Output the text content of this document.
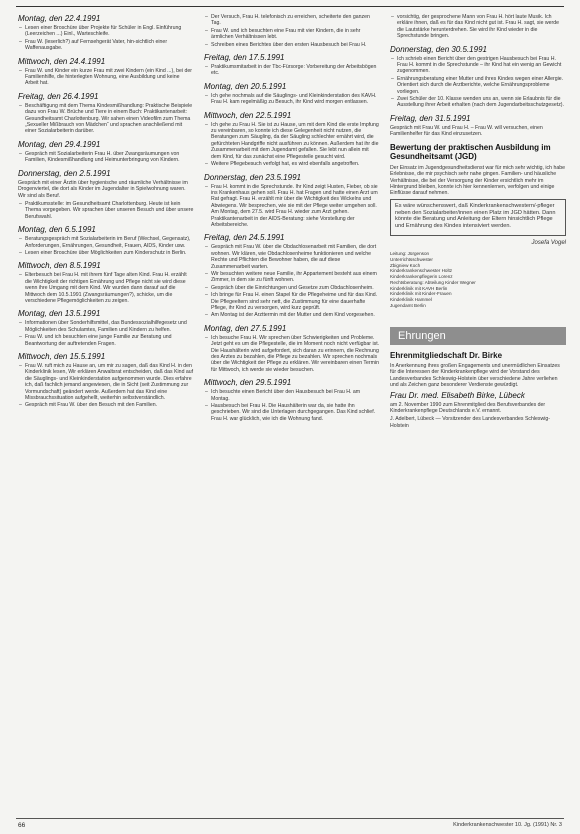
Montag, den 22.4.1991
– Lesen einer Broschüre über Projekte für Schüler in Engl. Einführung (Leerzeichen ...) Einl., Warteschleife.
– Frau W. (leserlich?) auf Fernsehgerät Vater, hin-sichtlich einer Waffenausgabe.
Mittwoch, den 24.4.1991
– Frau W. und Kinder ein kurze Frau mit zwei Kindern (ein Kind ...), bei der Familienhilfe, die hinterlegten Wohnung, eine Ausbildung und keine Arbeit hat.
Freitag, den 26.4.1991
– Beschäftigung mit dem Thema Kindesmißhandlung: Praktische Beispiele dazu von Frau W. Brüche und Tiere in einem Buch: Praktikantenarbeit: Gesundheitsamt Charlottenburg. Wir sahen einen Videofilm zum Thema „Sexueller Mißbrauch von Mädchen“ und sprachen anschließend mit einer Sozialarbeiterin darüber.
Montag, den 29.4.1991
– Gespräch mit Sozialarbeiterin Frau H. über Zwangsräumungen von Familien, Kindesmißhandlung und Heimunterbringung von Kindern.
Donnerstag, den 2.5.1991
Gespräch mit einer Ärztin über hygienische und räumliche Verhältnisse im Drogenviertel, die dort als Kinder im Jugendalter in Spielwohnung waren. Wir sind als Beruf.
– Praktikumsstelle: im Gesundheitsamt Charlottenburg. Heute ist kein Thema vorgegeben. Wir sprachen über unseren Besuch und über unsere Berufswahl.
Montag, den 6.5.1991
– Beratungsgespräch mit Sozialarbeiterin im Beruf (Wechsel, Gegensatz), Anforderungen, Ernährungen, Gesundheit, Frauen, AIDS, Kinder usw.
– Lesen einer Broschüre über Möglichkeiten zum Kinderschutz in Berlin.
Mittwoch, den 8.5.1991
– Elterbesuch bei Frau H. mit ihrem fünf Tage alten Kind. Frau H. erzählt die Wichtigkeit der richtigen Ernährung und Pflege nicht sie wird diese wenn ihre Umgang mit dem Kind. Wir wurden dann darauf auf die Mittwoch dem 10.5.1991 (Zwangsräumungen?), schicke, um die verschiedene Pflegemöglichkeiten zu zeigen.
Montag, den 13.5.1991
– Informationen über Sonderhilfsmittel, das Bundessozialhilfegesetz und Möglichkeiten des Schulamtes, Familien und Kindern zu helfen.
– Frau W. und ich besuchten eine junge Familie zur Beratung und Beantwortung der auftretenden Fragen.
Mittwoch, den 15.5.1991
– Frau W. ruft mich zu Hause an, um mir zu sagen, daß das Kind H. in den Kinderklinik lesen, Wir erklären Anwaltsrat entscheiden, daß das Kind auf die Säuglings- und Kleinkinderstation aufgenommen wurde. Dies erfahre ich, daß fachlich jemand angewiesen, die in Sicht (seit Zustimmung zur Vormundschaft) geändert werde. Außerdem hat das Kind eine Missbrauchssituation aufgehellt, weiterhin selbstverständlich.
– Gespräch mit Frau W. über den Besuch mit den Familien.
– Der Versuch, Frau H. telefonisch zu erreichen, scheiterte den ganzen Tag.
– Frau W. und ich besuchten eine Frau mit vier Kindern, die in sehr ärmlichen Verhältnissen lebt.
– Schreiben eines Berichtes über den ersten Hausbesuch bei Frau H.
Freitag, den 17.5.1991
– Praktikumsmitarbeit in der Tbc-Fürsorge: Vorbereitung der Arbeitsbögen etc.
Montag, den 20.5.1991
– Ich gehe nochmals auf die Säuglings- und Kleinkinderstation des KAVH. Frau H. kam regelmäßig zu Besuch, ihr Kind wird morgen entlassen.
Mittwoch, den 22.5.1991
– Ich gehe zu Frau H. Sie ist zu Hause, um mit dem Kind die erste Impfung zu vereinbaren, so konnte ich diese Gelegenheit nicht nutzen, die Beratungen zum Säugling, da der Säugling schlechter ernährt wird, die gefürchteten Handgriffe nicht ausführen zu können. Außerdem hat ihr die Zusammenarbeit mit dem Jugendamt gefallen. Sie lebt nun allein mit dem Kind, für das zunächst eine Pflegestelle gesucht wird.
– Weitere Pflegebesuch verfolgt hat, es wird ebenfalls angetroffen.
Donnerstag, den 23.5.1991
– Frau H. kommt in die Sprechstunde. Ihr Kind zeigt Husten, Fieber, ob sie ins Krankenhaus gehen soll. Frau H. hat Fragen und hatte einen Arzt um Rat gefragt. Frau H. erzählt mir über die Wichtigkeit des Wickelns und Abwiegens. Wir besprechen, wie sie mit der Pflege weiter umgehen soll. Am Montag, dem 27.5. wird Frau H. wieder zum Arzt gehen. Praktikantenarbeit in der AIDS-Beratung: siehe Vorstellung der Arbeitsbereiche.
Freitag, den 24.5.1991
– Gespräch mit Frau W. über die Obdachlosenarbeit mit Familien, die dort wohnen. Wir klären, wie Obdachlosenheime funktionieren und welche Rechte und Pflichten die Bewohner haben, die auf diese Zusammenarbeit warten.
– Wir besuchten weitere neue Familie, ihr Appartement besteht aus einem Zimmer, in dem sie zu fünft wohnen.
– Gespräch über die Einrichtungen und Gesetze zum Obdachlosenheim.
– Ich bringe für Frau H. einen Stapel für die Pflegeheime und für das Kind. Die Pflegeeltern sind sehr nett, die Zustimmung für eine dauerhafte Pflege, ihr Kind zu versorgen, wird kurz geprüft.
– Am Montag ist der Arzttermin mit der Mutter und dem Kind vorgesehen.
Montag, den 27.5.1991
– Ich besuche Frau H. Wir sprechen über Schwierigkeiten und Probleme. Jetzt geht es um die Pflegestelle, die im Moment noch nicht verfügbar ist. Die Haushälterin wird aufgefordert, sich daran zu erinnern, die Rechnung des Arztes zu bezahlen, die Pflege zu bezahlen. Wir sprechen nochmals über die Wichtigkeit der Pflege zu erklären. Wir vereinbaren einen Termin für Mittwoch, ich werde sie wieder besuchen.
Mittwoch, den 29.5.1991
– Ich besuchte einen Bericht über den Hausbesuch bei Frau H. am Montag.
– Hausbesuch bei Frau H. Die Haushälterin war da, sie hatte ihn geschrieben. Wir sind die Unterlagen durchgegangen. Das Kind schlief. Frau H. war glücklich, wie ich die Wohnung fand.
– vorsichtig, der gesprochene Mann von Frau H. hört laute Musik. Ich erkläre ihnen, daß es für das Kind nicht gut ist. Frau H. sagt, sie werde die Lautstärke herunterdrehen. Sie wird ihr Kind wieder in die Sprechstunde bringen.
Donnerstag, den 30.5.1991
– Ich schrieb einen Bericht über den gestrigen Hausbesuch bei Frau H. Frau H. kommt in die Sprechstunde – ihr Kind hat ein wenig an Gewicht zugenommen.
– Ernährungsberatung einer Mutter und ihres Kindes wegen einer Allergie. Orientiert sich durch die Arztberichte, welche Ernährungsprobleme vorliegen.
– Zwei Schüler der 10. Klasse wenden uns an, wenn sie Erlaubnis für die Ausstellung ihrer Arbeit erhalten (nach dem Jugendarbeitsschutzgesetz).
Freitag, den 31.5.1991
Gespräch mit Frau W. und Frau H. – Frau W. will versuchen, einen Familienhelfer für das Kind einzusetzen.
Bewertung der praktischen Ausbildung im Gesundheitsamt (JGD)
Der Einsatz im Jugendgesundheitsdienst war für mich sehr wichtig, ich habe Erlebnisse, die mir psychisch sehr nahe gingen. Familien- und häusliche Verhältnisse, die bei der Versorgung der Kinder ersichtlich mehr im Hintergrund bleiben, konnte ich hier kennenlernen, verfolgen und einige Einflüsse darauf nehmen.
Es wäre wünschenswert, daß Kinderkrankenschwestern/-pfleger neben den Sozialarbeiter/innen einen Platz im JGD hätten. Dann könnte die Beratung und Anleitung der Eltern hinsichtlich Pflege und Ernährung des Kindes intensiviert werden.
Josefa Vogel
Leitung: Jürgenson
Unterrichtsschwester
Zbigniew Koch
Kinderkrankenschwester Holtz
Kinderkrankenpflegerin Lorenz
Rechtsberatung: Abteilung Kinder Wegner
Kinderklinik mit KAVH Berlin
Kinderklinik mit Kinder-Frauen
Kinderklinik Hammel
Jugendamt Berlin
Ehrungen
Ehrenmitgliedschaft Dr. Birke
In Anerkennung ihres großen Engagements und unermüdlichen Einsatzes für die Interessen der Kinderkrankenpflege wird der Vorstand des Landesverbandes Schleswig-Holstein über verschiedene Jahre verliehen und als Zeichen ganz besonderer Verdienste gewürdigt.
Frau Dr. med. Elisabeth Birke, Lübeck
am 2. November 1990 zum Ehrenmitglied des Berufsverbandes der Kinderkrankenpflege Deutschlands e.V. ernannt.
J. Adelbert, Lübeck — Vorsitzender des Landesverbandes Schleswig-Holstein
66	Kinderkrankenschwester 10. Jg. (1991) Nr. 3
